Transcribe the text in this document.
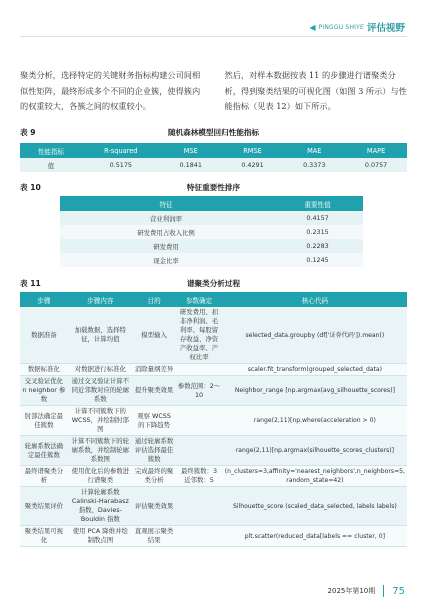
◀ PINGGU SHIYE 评估视野
聚类分析，选择特定的关键财务指标构建公司间相似性矩阵，最终形成多个不同的企业簇，使得簇内的权重较大，各簇之间的权重较小。
然后，对样本数据按表 11 的步骤进行谱聚类分析，得到聚类结果的可视化图（如图 3 所示）与性能指标（见表 12）如下所示。
表 9	随机森林模型回归性能指标
性能指标	R-squared	MSE	RMSE	MAE	MAPE
值	0.5175	0.1841	0.4291	0.3373	0.0757
表 10	特征重要性排序
特征	重要性值
营业利润率	0.4157
研发费用占收入比例	0.2315
研发费用	0.2283
现金比率	0.1245
表 11	谱聚类分析过程
步骤	步骤内容	目的	参数确定	核心代码
数据准备	加载数据，选择特征，计算均值	模型输入	研发费用、扣非净利润、毛利率、每股留存收益、净资产收益率、产权比率	selected_data.groupby (df['证券代码']).mean()
数据标准化	对数据进行标准化	消除量纲差异		scaler.fit_transform(grouped_selected_data)
交叉验证优化 n neighbor 参数	通过交叉验证计算不同近邻数对应的轮廓系数	提升聚类效果	参数范围：2～10	Neighbor_range [np.argmax(avg_silhouette_scores)]
肘部法确定最佳簇数	计算不同簇数下的 WCSS，并绘制肘部图	观察 WCSS 的下降趋势		range(2,11)[np.where(acceleration > 0)
轮廓系数法确定最佳簇数	计算不同簇数下的轮廓系数，并绘制轮廓系数图	通过轮廓系数评估选择最佳簇数		range(2,11)[np.argmax(silhouette_scores_clusters)]
最终谱聚类分析	使用优化后的参数进行谱聚类	完成最终的聚类分析	最终簇数：3 近邻数：5	(n_clusters=3,affinity='nearest_neighbors',n_neighbors=5, random_state=42)
聚类结果评价	计算轮廓系数 Calinski-Harabasz 指数、Davies-Bouldin 指数	评估聚类效果		Silhouette_score (scaled_data_selected, labels labels)
聚类结果可视化	使用 PCA 降维并绘制散点图	直观展示聚类结果		plt.scatter(reduced_data[labels == cluster, 0]
2025年第10期 75
